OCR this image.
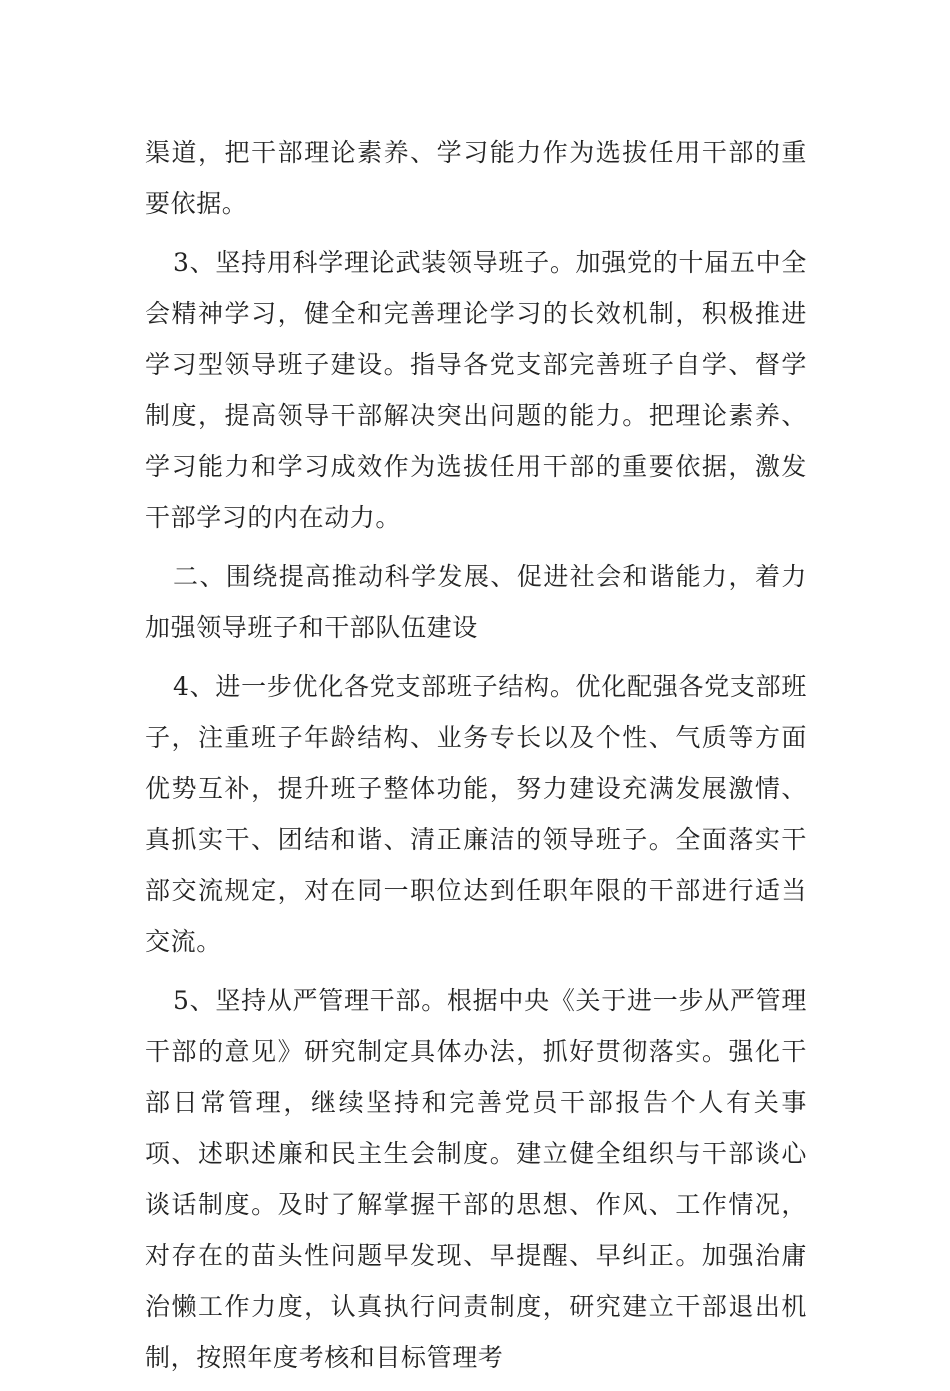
渠道，把干部理论素养、学习能力作为选拔任用干部的重要依据。

3、坚持用科学理论武装领导班子。加强党的十届五中全会精神学习，健全和完善理论学习的长效机制，积极推进学习型领导班子建设。指导各党支部完善班子自学、督学制度，提高领导干部解决突出问题的能力。把理论素养、学习能力和学习成效作为选拔任用干部的重要依据，激发干部学习的内在动力。

二、围绕提高推动科学发展、促进社会和谐能力，着力加强领导班子和干部队伍建设

4、进一步优化各党支部班子结构。优化配强各党支部班子，注重班子年龄结构、业务专长以及个性、气质等方面优势互补，提升班子整体功能，努力建设充满发展激情、真抓实干、团结和谐、清正廉洁的领导班子。全面落实干部交流规定，对在同一职位达到任职年限的干部进行适当交流。

5、坚持从严管理干部。根据中央《关于进一步从严管理干部的意见》研究制定具体办法，抓好贯彻落实。强化干部日常管理，继续坚持和完善党员干部报告个人有关事项、述职述廉和民主生会制度。建立健全组织与干部谈心谈话制度。及时了解掌握干部的思想、作风、工作情况，对存在的苗头性问题早发现、早提醒、早纠正。加强治庸治懒工作力度，认真执行问责制度，研究建立干部退出机制，按照年度考核和目标管理考
